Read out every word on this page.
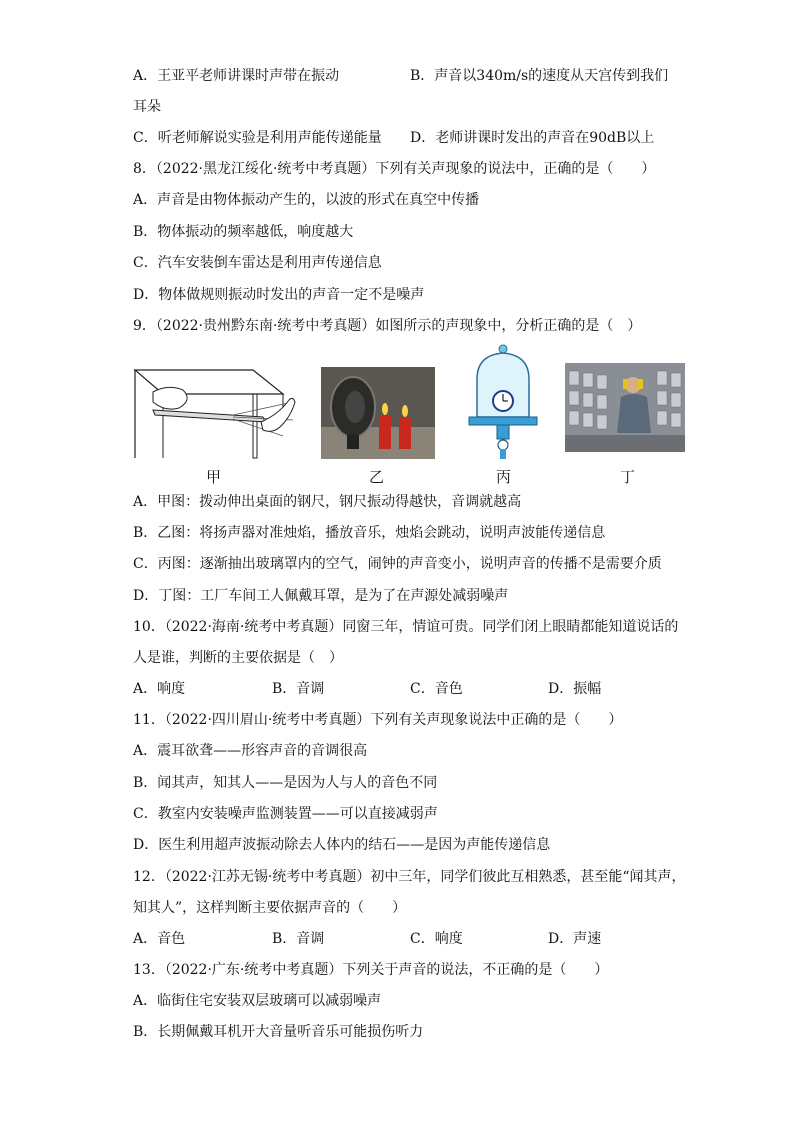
A．王亚平老师讲课时声带在振动	B．声音以340m/s的速度从天宫传到我们
耳朵
C．听老师解说实验是利用声能传递能量 D．老师讲课时发出的声音在90dB以上
8．（2022·黑龙江绥化·统考中考真题）下列有关声现象的说法中，正确的是（　　）
A．声音是由物体振动产生的，以波的形式在真空中传播
B．物体振动的频率越低，响度越大
C．汽车安装倒车雷达是利用声传递信息
D．物体做规则振动时发出的声音一定不是噪声
9．（2022·贵州黔东南·统考中考真题）如图所示的声现象中，分析正确的是（　）
甲	乙	丙	丁
A．甲图：拨动伸出桌面的钢尺，钢尺振动得越快，音调就越高
B．乙图：将扬声器对准烛焰，播放音乐，烛焰会跳动，说明声波能传递信息
C．丙图：逐渐抽出玻璃罩内的空气，闹钟的声音变小，说明声音的传播不是需要介质
D．丁图：工厂车间工人佩戴耳罩，是为了在声源处减弱噪声
10．（2022·海南·统考中考真题）同窗三年，情谊可贵。同学们闭上眼睛都能知道说话的
人是谁，判断的主要依据是（　）
A．响度	B．音调	C．音色	D．振幅
11．（2022·四川眉山·统考中考真题）下列有关声现象说法中正确的是（　　）
A．震耳欲聋——形容声音的音调很高
B．闻其声，知其人——是因为人与人的音色不同
C．教室内安装噪声监测装置——可以直接减弱声
D．医生利用超声波振动除去人体内的结石——是因为声能传递信息
12．（2022·江苏无锡·统考中考真题）初中三年，同学们彼此互相熟悉，甚至能“闻其声，
知其人”，这样判断主要依据声音的（　　）
A．音色	B．音调	C．响度	D．声速
13．（2022·广东·统考中考真题）下列关于声音的说法，不正确的是（　　）
A．临街住宅安装双层玻璃可以减弱噪声
B．长期佩戴耳机开大音量听音乐可能损伤听力
